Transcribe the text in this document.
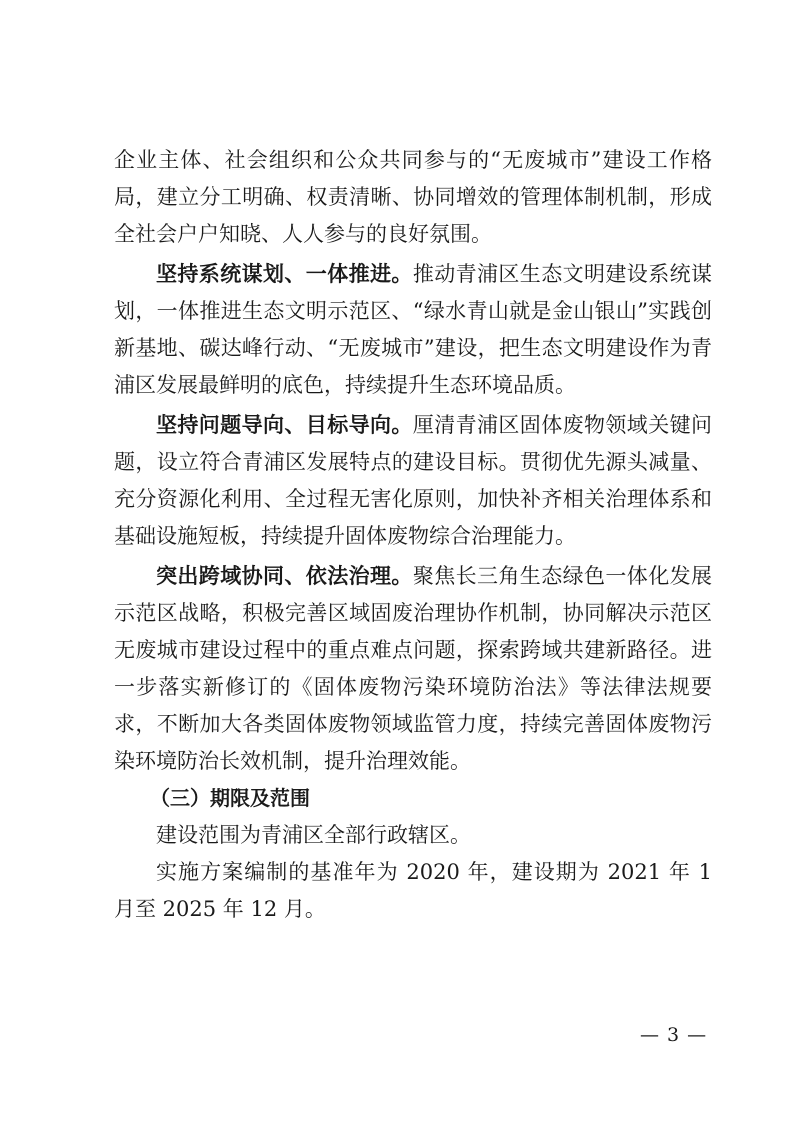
企业主体、社会组织和公众共同参与的“无废城市”建设工作格局，建立分工明确、权责清晰、协同增效的管理体制机制，形成全社会户户知晓、人人参与的良好氛围。

坚持系统谋划、一体推进。推动青浦区生态文明建设系统谋划，一体推进生态文明示范区、“绿水青山就是金山银山”实践创新基地、碳达峰行动、“无废城市”建设，把生态文明建设作为青浦区发展最鲜明的底色，持续提升生态环境品质。

坚持问题导向、目标导向。厘清青浦区固体废物领域关键问题，设立符合青浦区发展特点的建设目标。贯彻优先源头减量、充分资源化利用、全过程无害化原则，加快补齐相关治理体系和基础设施短板，持续提升固体废物综合治理能力。

突出跨域协同、依法治理。聚焦长三角生态绿色一体化发展示范区战略，积极完善区域固废治理协作机制，协同解决示范区无废城市建设过程中的重点难点问题，探索跨域共建新路径。进一步落实新修订的《固体废物污染环境防治法》等法律法规要求，不断加大各类固体废物领域监管力度，持续完善固体废物污染环境防治长效机制，提升治理效能。

（三）期限及范围

建设范围为青浦区全部行政辖区。

实施方案编制的基准年为 2020 年，建设期为 2021 年 1 月至 2025 年 12 月。

— 3 —
